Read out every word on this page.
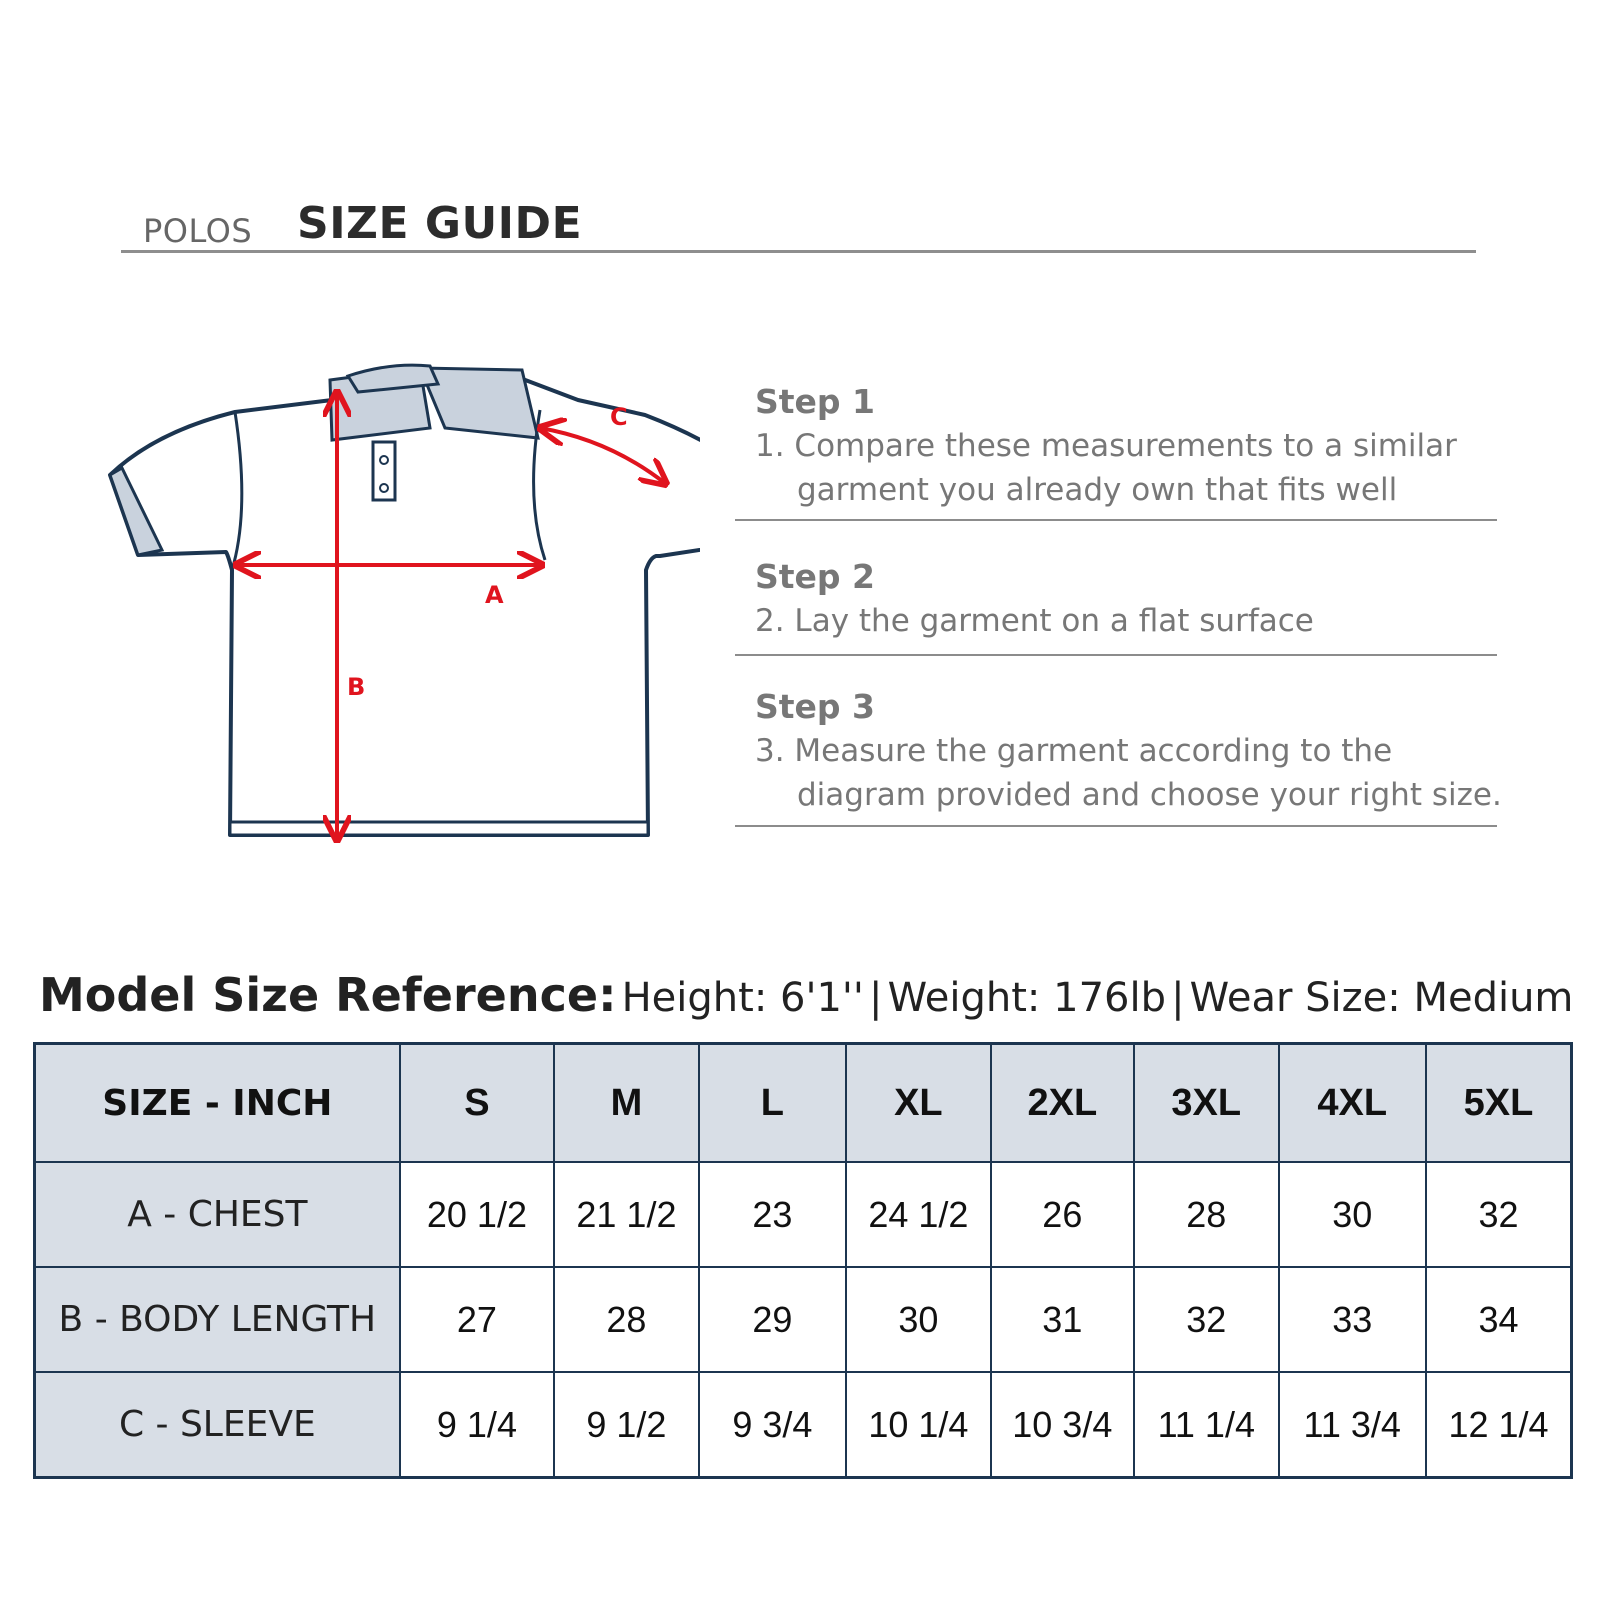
POLOS SIZE GUIDE
A
B
C	Step 1
1. Compare these measurements to a similar
garment you already own that fits well
Step 2
2. Lay the garment on a flat surface
Step 3
3. Measure the garment according to the
diagram provided and choose your right size.
Model Size Reference: Height: 6'1'' | Weight: 176lb | Wear Size: Medium
SIZE - INCH	S	M	L	XL	2XL	3XL	4XL	5XL
A - CHEST	20 1/2	21 1/2	23	24 1/2	26	28	30	32
B - BODY LENGTH	27	28	29	30	31	32	33	34
C - SLEEVE	9 1/4	9 1/2	9 3/4	10 1/4	10 3/4	11 1/4	11 3/4	12 1/4
